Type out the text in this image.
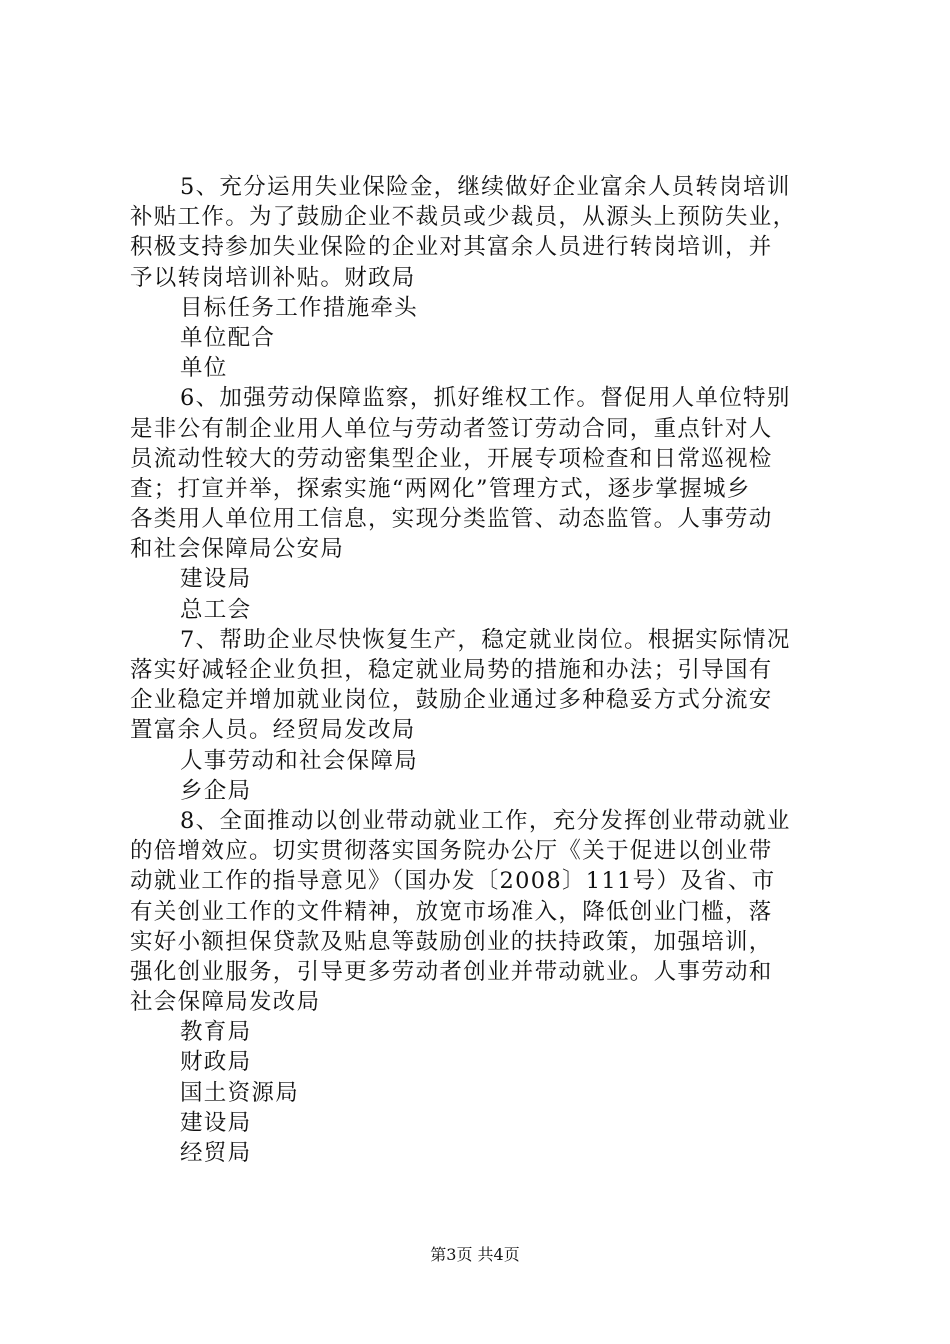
5、充分运用失业保险金，继续做好企业富余人员转岗培训
补贴工作。为了鼓励企业不裁员或少裁员，从源头上预防失业，
积极支持参加失业保险的企业对其富余人员进行转岗培训，并
予以转岗培训补贴。财政局
目标任务工作措施牵头
单位配合
单位
6、加强劳动保障监察，抓好维权工作。督促用人单位特别
是非公有制企业用人单位与劳动者签订劳动合同，重点针对人
员流动性较大的劳动密集型企业，开展专项检查和日常巡视检
查；打宣并举，探索实施“两网化”管理方式，逐步掌握城乡
各类用人单位用工信息，实现分类监管、动态监管。人事劳动
和社会保障局公安局
建设局
总工会
7、帮助企业尽快恢复生产，稳定就业岗位。根据实际情况
落实好减轻企业负担，稳定就业局势的措施和办法；引导国有
企业稳定并增加就业岗位，鼓励企业通过多种稳妥方式分流安
置富余人员。经贸局发改局
人事劳动和社会保障局
乡企局
8、全面推动以创业带动就业工作，充分发挥创业带动就业
的倍增效应。切实贯彻落实国务院办公厅《关于促进以创业带
动就业工作的指导意见》（国办发〔2008〕111号）及省、市
有关创业工作的文件精神，放宽市场准入，降低创业门槛，落
实好小额担保贷款及贴息等鼓励创业的扶持政策，加强培训，
强化创业服务，引导更多劳动者创业并带动就业。人事劳动和
社会保障局发改局
教育局
财政局
国土资源局
建设局
经贸局
第3页 共4页
